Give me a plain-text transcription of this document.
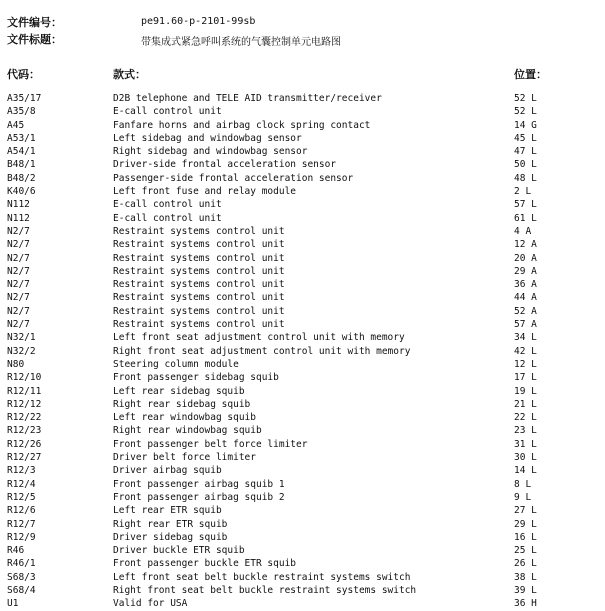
文件编号：	pe91.60-p-2101-99sb
文件标题：	带集成式紧急呼叫系统的气囊控制单元电路图
代码：	款式：	位置：
A35/17	D2B telephone and TELE AID transmitter/receiver	52 L
A35/8	E-call control unit	52 L
A45	Fanfare horns and airbag clock spring contact	14 G
A53/1	Left sidebag and windowbag sensor	45 L
A54/1	Right sidebag and windowbag sensor	47 L
B48/1	Driver-side frontal acceleration sensor	50 L
B48/2	Passenger-side frontal acceleration sensor	48 L
K40/6	Left front fuse and relay module	2 L
N112	E-call control unit	57 L
N112	E-call control unit	61 L
N2/7	Restraint systems control unit	4 A
N2/7	Restraint systems control unit	12 A
N2/7	Restraint systems control unit	20 A
N2/7	Restraint systems control unit	29 A
N2/7	Restraint systems control unit	36 A
N2/7	Restraint systems control unit	44 A
N2/7	Restraint systems control unit	52 A
N2/7	Restraint systems control unit	57 A
N32/1	Left front seat adjustment control unit with memory	34 L
N32/2	Right front seat adjustment control unit with memory	42 L
N80	Steering column module	12 L
R12/10	Front passenger sidebag squib	17 L
R12/11	Left rear sidebag squib	19 L
R12/12	Right rear sidebag squib	21 L
R12/22	Left rear windowbag squib	22 L
R12/23	Right rear windowbag squib	23 L
R12/26	Front passenger belt force limiter	31 L
R12/27	Driver belt force limiter	30 L
R12/3	Driver airbag squib	14 L
R12/4	Front passenger airbag squib 1	8 L
R12/5	Front passenger airbag squib 2	9 L
R12/6	Left rear ETR squib	27 L
R12/7	Right rear ETR squib	29 L
R12/9	Driver sidebag squib	16 L
R46	Driver buckle ETR squib	25 L
R46/1	Front passenger buckle ETR squib	26 L
S68/3	Left front seat belt buckle restraint systems switch	38 L
S68/4	Right front seat belt buckle restraint systems switch	39 L
U1	Valid for USA	36 H
